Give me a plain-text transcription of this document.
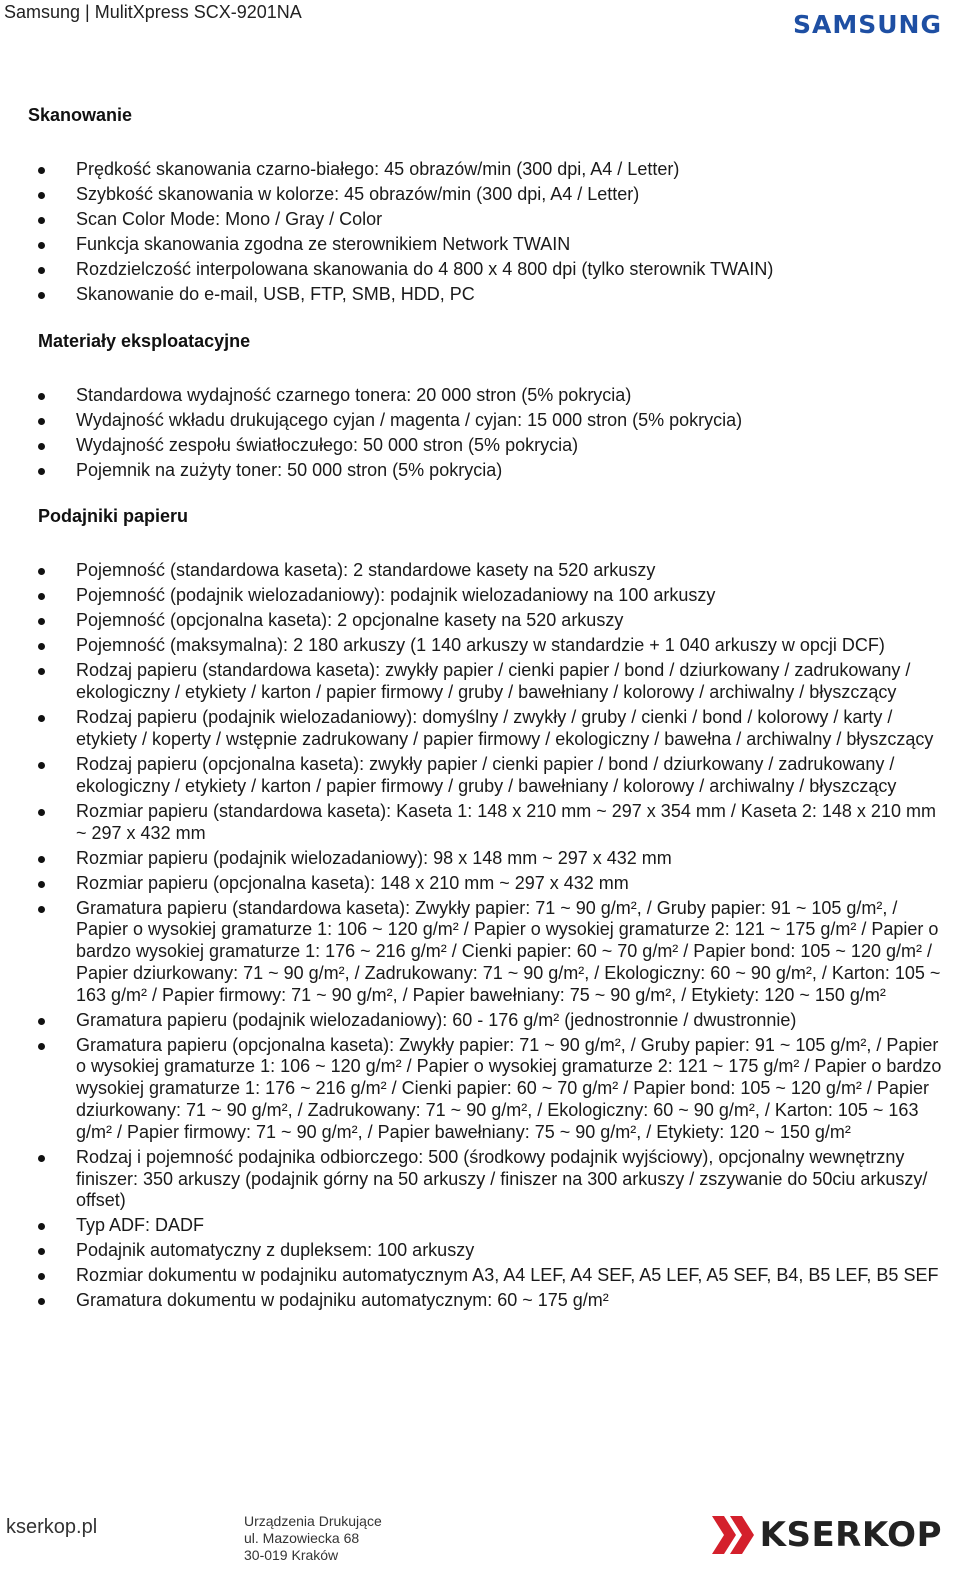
Samsung | MulitXpress SCX-9201NA	SAMSUNG
Skanowanie
Prędkość skanowania czarno-białego: 45 obrazów/min (300 dpi, A4 / Letter)
Szybkość skanowania w kolorze: 45 obrazów/min (300 dpi, A4 / Letter)
Scan Color Mode: Mono / Gray / Color
Funkcja skanowania zgodna ze sterownikiem Network TWAIN
Rozdzielczość interpolowana skanowania do 4 800 x 4 800 dpi (tylko sterownik TWAIN)
Skanowanie do e-mail, USB, FTP, SMB, HDD, PC
Materiały eksploatacyjne
Standardowa wydajność czarnego tonera: 20 000 stron (5% pokrycia)
Wydajność wkładu drukującego cyjan / magenta / cyjan: 15 000 stron (5% pokrycia)
Wydajność zespołu światłoczułego: 50 000 stron (5% pokrycia)
Pojemnik na zużyty toner: 50 000 stron (5% pokrycia)
Podajniki papieru
Pojemność (standardowa kaseta): 2 standardowe kasety na 520 arkuszy
Pojemność (podajnik wielozadaniowy): podajnik wielozadaniowy na 100 arkuszy
Pojemność (opcjonalna kaseta): 2 opcjonalne kasety na 520 arkuszy
Pojemność (maksymalna): 2 180 arkuszy (1 140 arkuszy w standardzie + 1 040 arkuszy w opcji DCF)
Rodzaj papieru (standardowa kaseta): zwykły papier / cienki papier / bond / dziurkowany / zadrukowany / ekologiczny / etykiety / karton / papier firmowy / gruby / bawełniany / kolorowy / archiwalny / błyszczący
Rodzaj papieru (podajnik wielozadaniowy): domyślny / zwykły / gruby / cienki / bond / kolorowy / karty / etykiety / koperty / wstępnie zadrukowany / papier firmowy / ekologiczny / bawełna / archiwalny / błyszczący
Rodzaj papieru (opcjonalna kaseta): zwykły papier / cienki papier / bond / dziurkowany / zadrukowany / ekologiczny / etykiety / karton / papier firmowy / gruby / bawełniany / kolorowy / archiwalny / błyszczący
Rozmiar papieru (standardowa kaseta): Kaseta 1: 148 x 210 mm ~ 297 x 354 mm / Kaseta 2: 148 x 210 mm ~ 297 x 432 mm
Rozmiar papieru (podajnik wielozadaniowy): 98 x 148 mm ~ 297 x 432 mm
Rozmiar papieru (opcjonalna kaseta): 148 x 210 mm ~ 297 x 432 mm
Gramatura papieru (standardowa kaseta): Zwykły papier: 71 ~ 90 g/m², / Gruby papier: 91 ~ 105 g/m², / Papier o wysokiej gramaturze 1: 106 ~ 120 g/m² / Papier o wysokiej gramaturze 2: 121 ~ 175 g/m² / Papier o bardzo wysokiej gramaturze 1: 176 ~ 216 g/m² / Cienki papier: 60 ~ 70 g/m² / Papier bond: 105 ~ 120 g/m² / Papier dziurkowany: 71 ~ 90 g/m², / Zadrukowany: 71 ~ 90 g/m², / Ekologiczny: 60 ~ 90 g/m², / Karton: 105 ~ 163 g/m² / Papier firmowy: 71 ~ 90 g/m², / Papier bawełniany: 75 ~ 90 g/m², / Etykiety: 120 ~ 150 g/m²
Gramatura papieru (podajnik wielozadaniowy): 60 - 176 g/m² (jednostronnie / dwustronnie)
Gramatura papieru (opcjonalna kaseta): Zwykły papier: 71 ~ 90 g/m², / Gruby papier: 91 ~ 105 g/m², / Papier o wysokiej gramaturze 1: 106 ~ 120 g/m² / Papier o wysokiej gramaturze 2: 121 ~ 175 g/m² / Papier o bardzo wysokiej gramaturze 1: 176 ~ 216 g/m² / Cienki papier: 60 ~ 70 g/m² / Papier bond: 105 ~ 120 g/m² / Papier dziurkowany: 71 ~ 90 g/m², / Zadrukowany: 71 ~ 90 g/m², / Ekologiczny: 60 ~ 90 g/m², / Karton: 105 ~ 163 g/m² / Papier firmowy: 71 ~ 90 g/m², / Papier bawełniany: 75 ~ 90 g/m², / Etykiety: 120 ~ 150 g/m²
Rodzaj i pojemność podajnika odbiorczego: 500 (środkowy podajnik wyjściowy), opcjonalny wewnętrzny finiszer: 350 arkuszy (podajnik górny na 50 arkuszy / finiszer na 300 arkuszy / zszywanie do 50ciu arkuszy/ offset)
Typ ADF: DADF
Podajnik automatyczny z dupleksem: 100 arkuszy
Rozmiar dokumentu w podajniku automatycznym A3, A4 LEF, A4 SEF, A5 LEF, A5 SEF, B4, B5 LEF, B5 SEF
Gramatura dokumentu w podajniku automatycznym: 60 ~ 175 g/m²
kserkop.pl	Urządzenia Drukujące
ul. Mazowiecka 68
30-019 Kraków	KSERKOP
